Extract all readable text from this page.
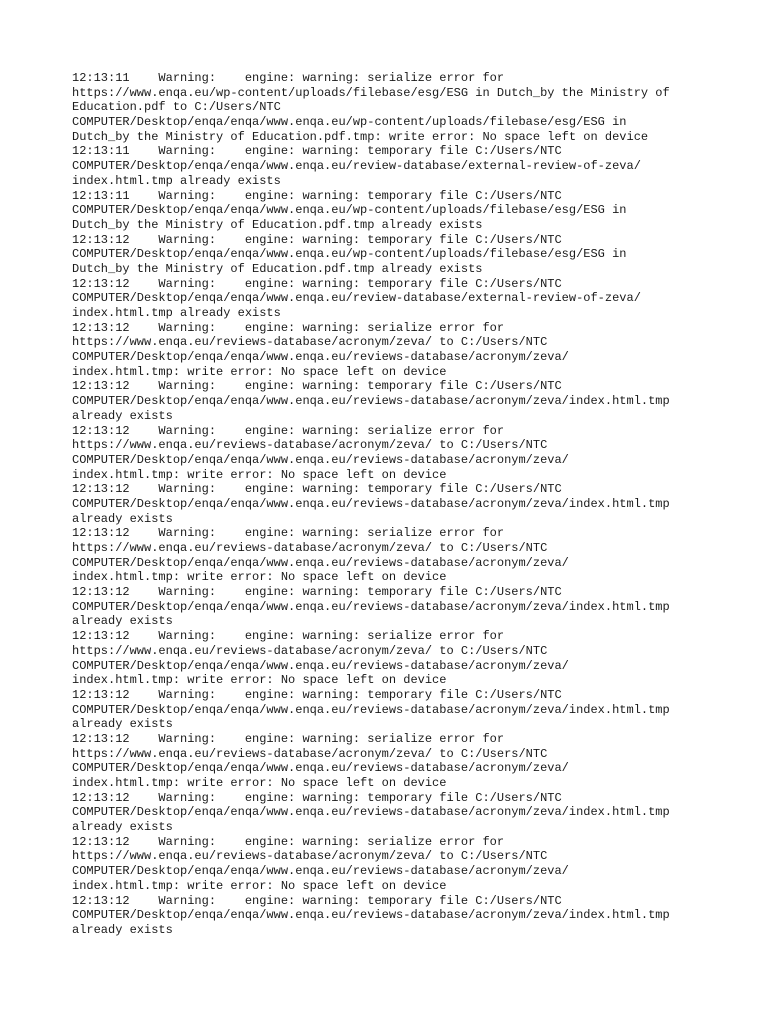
12:13:11    Warning:    engine: warning: serialize error for
https://www.enqa.eu/wp-content/uploads/filebase/esg/ESG in Dutch_by the Ministry of
Education.pdf to C:/Users/NTC
COMPUTER/Desktop/enqa/enqa/www.enqa.eu/wp-content/uploads/filebase/esg/ESG in
Dutch_by the Ministry of Education.pdf.tmp: write error: No space left on device
12:13:11    Warning:    engine: warning: temporary file C:/Users/NTC
COMPUTER/Desktop/enqa/enqa/www.enqa.eu/review-database/external-review-of-zeva/
index.html.tmp already exists
12:13:11    Warning:    engine: warning: temporary file C:/Users/NTC
COMPUTER/Desktop/enqa/enqa/www.enqa.eu/wp-content/uploads/filebase/esg/ESG in
Dutch_by the Ministry of Education.pdf.tmp already exists
12:13:12    Warning:    engine: warning: temporary file C:/Users/NTC
COMPUTER/Desktop/enqa/enqa/www.enqa.eu/wp-content/uploads/filebase/esg/ESG in
Dutch_by the Ministry of Education.pdf.tmp already exists
12:13:12    Warning:    engine: warning: temporary file C:/Users/NTC
COMPUTER/Desktop/enqa/enqa/www.enqa.eu/review-database/external-review-of-zeva/
index.html.tmp already exists
12:13:12    Warning:    engine: warning: serialize error for
https://www.enqa.eu/reviews-database/acronym/zeva/ to C:/Users/NTC
COMPUTER/Desktop/enqa/enqa/www.enqa.eu/reviews-database/acronym/zeva/
index.html.tmp: write error: No space left on device
12:13:12    Warning:    engine: warning: temporary file C:/Users/NTC
COMPUTER/Desktop/enqa/enqa/www.enqa.eu/reviews-database/acronym/zeva/index.html.tmp
already exists
12:13:12    Warning:    engine: warning: serialize error for
https://www.enqa.eu/reviews-database/acronym/zeva/ to C:/Users/NTC
COMPUTER/Desktop/enqa/enqa/www.enqa.eu/reviews-database/acronym/zeva/
index.html.tmp: write error: No space left on device
12:13:12    Warning:    engine: warning: temporary file C:/Users/NTC
COMPUTER/Desktop/enqa/enqa/www.enqa.eu/reviews-database/acronym/zeva/index.html.tmp
already exists
12:13:12    Warning:    engine: warning: serialize error for
https://www.enqa.eu/reviews-database/acronym/zeva/ to C:/Users/NTC
COMPUTER/Desktop/enqa/enqa/www.enqa.eu/reviews-database/acronym/zeva/
index.html.tmp: write error: No space left on device
12:13:12    Warning:    engine: warning: temporary file C:/Users/NTC
COMPUTER/Desktop/enqa/enqa/www.enqa.eu/reviews-database/acronym/zeva/index.html.tmp
already exists
12:13:12    Warning:    engine: warning: serialize error for
https://www.enqa.eu/reviews-database/acronym/zeva/ to C:/Users/NTC
COMPUTER/Desktop/enqa/enqa/www.enqa.eu/reviews-database/acronym/zeva/
index.html.tmp: write error: No space left on device
12:13:12    Warning:    engine: warning: temporary file C:/Users/NTC
COMPUTER/Desktop/enqa/enqa/www.enqa.eu/reviews-database/acronym/zeva/index.html.tmp
already exists
12:13:12    Warning:    engine: warning: serialize error for
https://www.enqa.eu/reviews-database/acronym/zeva/ to C:/Users/NTC
COMPUTER/Desktop/enqa/enqa/www.enqa.eu/reviews-database/acronym/zeva/
index.html.tmp: write error: No space left on device
12:13:12    Warning:    engine: warning: temporary file C:/Users/NTC
COMPUTER/Desktop/enqa/enqa/www.enqa.eu/reviews-database/acronym/zeva/index.html.tmp
already exists
12:13:12    Warning:    engine: warning: serialize error for
https://www.enqa.eu/reviews-database/acronym/zeva/ to C:/Users/NTC
COMPUTER/Desktop/enqa/enqa/www.enqa.eu/reviews-database/acronym/zeva/
index.html.tmp: write error: No space left on device
12:13:12    Warning:    engine: warning: temporary file C:/Users/NTC
COMPUTER/Desktop/enqa/enqa/www.enqa.eu/reviews-database/acronym/zeva/index.html.tmp
already exists
